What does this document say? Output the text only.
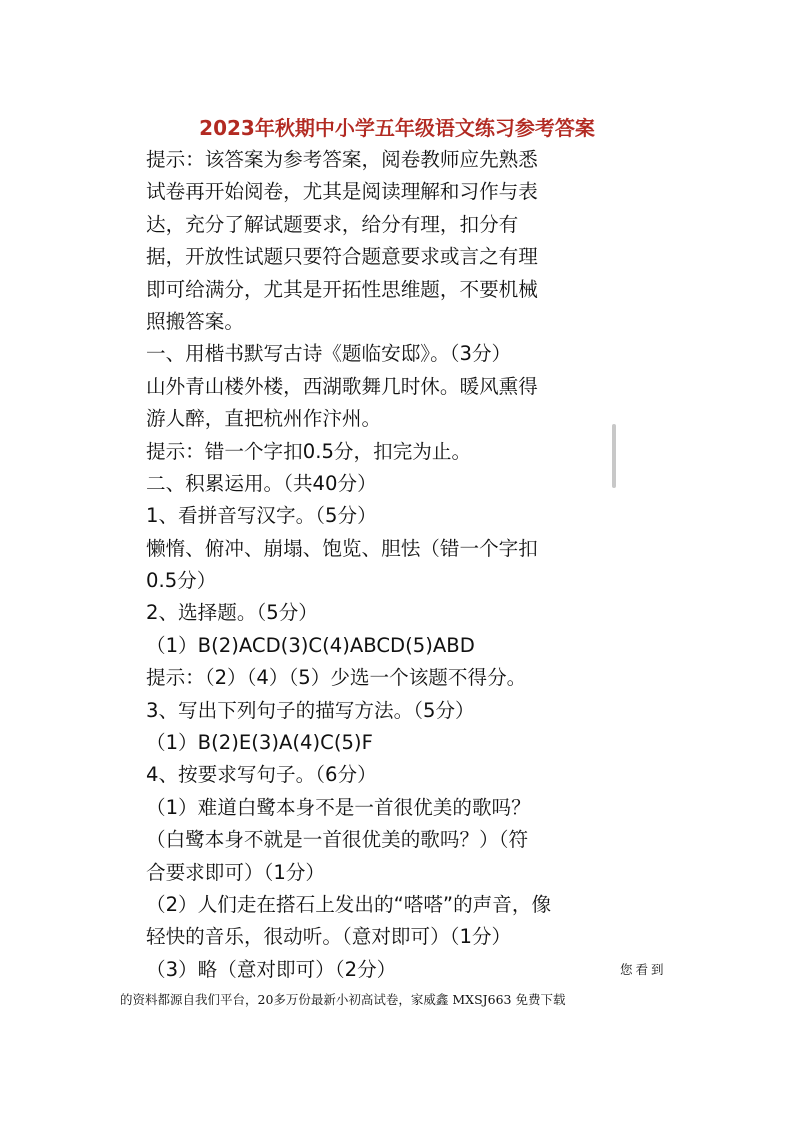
2023年秋期中小学五年级语文练习参考答案
提示：该答案为参考答案，阅卷教师应先熟悉
试卷再开始阅卷，尤其是阅读理解和习作与表
达，充分了解试题要求，给分有理，扣分有
据，开放性试题只要符合题意要求或言之有理
即可给满分，尤其是开拓性思维题，不要机械
照搬答案。
一、用楷书默写古诗《题临安邸》。（3分）
山外青山楼外楼，西湖歌舞几时休。暖风熏得
游人醉，直把杭州作汴州。
提示：错一个字扣0.5分，扣完为止。
二、积累运用。（共40分）
1、看拼音写汉字。（5分）
懒惰、俯冲、崩塌、饱览、胆怯（错一个字扣
0.5分）
2、选择题。（5分）
（1）B(2)ACD(3)C(4)ABCD(5)ABD
提示：（2）（4）（5）少选一个该题不得分。
3、写出下列句子的描写方法。（5分）
（1）B(2)E(3)A(4)C(5)F
4、按要求写句子。（6分）
（1）难道白鹭本身不是一首很优美的歌吗？
（白鹭本身不就是一首很优美的歌吗？）（符
合要求即可）（1分）
（2）人们走在搭石上发出的“嗒嗒”的声音，像
轻快的音乐，很动听。（意对即可）（1分）
（3）略（意对即可）（2分）	您看到
的资料都源自我们平台，20多万份最新小初高试卷，家威鑫 MXSJ663 免费下载
